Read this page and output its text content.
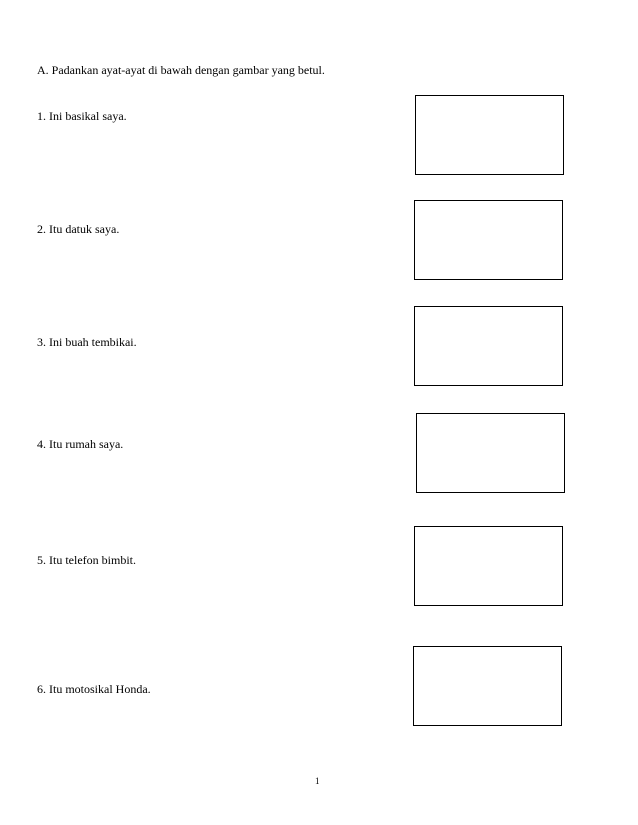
A. Padankan ayat-ayat di bawah dengan gambar yang betul.
1. Ini basikal saya.
2. Itu datuk saya.
3. Ini buah tembikai.
4. Itu rumah saya.
5. Itu telefon bimbit.
6. Itu motosikal Honda.
1
